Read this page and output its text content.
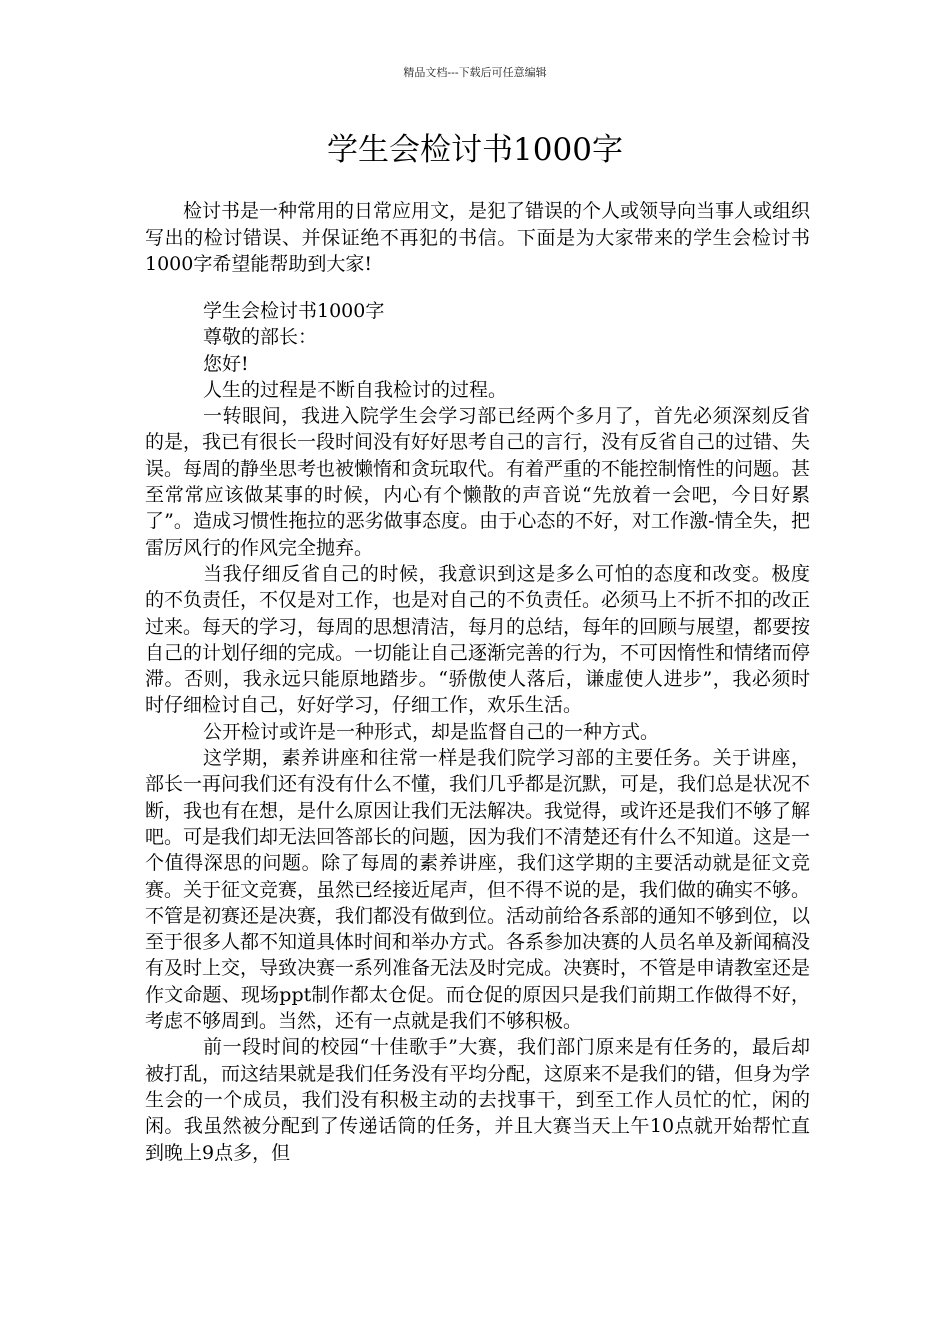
精品文档---下载后可任意编辑
学生会检讨书1000字

检讨书是一种常用的日常应用文，是犯了错误的个人或领导向当事人或组织写出的检讨错误、并保证绝不再犯的书信。下面是为大家带来的学生会检讨书1000字希望能帮助到大家!

学生会检讨书1000字

尊敬的部长：

您好!

人生的过程是不断自我检讨的过程。

一转眼间，我进入院学生会学习部已经两个多月了，首先必须深刻反省的是，我已有很长一段时间没有好好思考自己的言行，没有反省自己的过错、失误。每周的静坐思考也被懒惰和贪玩取代。有着严重的不能控制惰性的问题。甚至常常应该做某事的时候，内心有个懒散的声音说“先放着一会吧，今日好累了”。造成习惯性拖拉的恶劣做事态度。由于心态的不好，对工作激-情全失，把雷厉风行的作风完全抛弃。

当我仔细反省自己的时候，我意识到这是多么可怕的态度和改变。极度的不负责任，不仅是对工作，也是对自己的不负责任。必须马上不折不扣的改正过来。每天的学习，每周的思想清洁，每月的总结，每年的回顾与展望，都要按自己的计划仔细的完成。一切能让自己逐渐完善的行为，不可因惰性和情绪而停滞。否则，我永远只能原地踏步。“骄傲使人落后，谦虚使人进步”，我必须时时仔细检讨自己，好好学习，仔细工作，欢乐生活。

公开检讨或许是一种形式，却是监督自己的一种方式。

这学期，素养讲座和往常一样是我们院学习部的主要任务。关于讲座，部长一再问我们还有没有什么不懂，我们几乎都是沉默，可是，我们总是状况不断，我也有在想，是什么原因让我们无法解决。我觉得，或许还是我们不够了解吧。可是我们却无法回答部长的问题，因为我们不清楚还有什么不知道。这是一个值得深思的问题。除了每周的素养讲座，我们这学期的主要活动就是征文竞赛。关于征文竞赛，虽然已经接近尾声，但不得不说的是，我们做的确实不够。不管是初赛还是决赛，我们都没有做到位。活动前给各系部的通知不够到位，以至于很多人都不知道具体时间和举办方式。各系参加决赛的人员名单及新闻稿没有及时上交，导致决赛一系列准备无法及时完成。决赛时，不管是申请教室还是作文命题、现场ppt制作都太仓促。而仓促的原因只是我们前期工作做得不好，考虑不够周到。当然，还有一点就是我们不够积极。

前一段时间的校园“十佳歌手”大赛，我们部门原来是有任务的，最后却被打乱，而这结果就是我们任务没有平均分配，这原来不是我们的错，但身为学生会的一个成员，我们没有积极主动的去找事干，到至工作人员忙的忙，闲的闲。我虽然被分配到了传递话筒的任务，并且大赛当天上午10点就开始帮忙直到晚上9点多，但
